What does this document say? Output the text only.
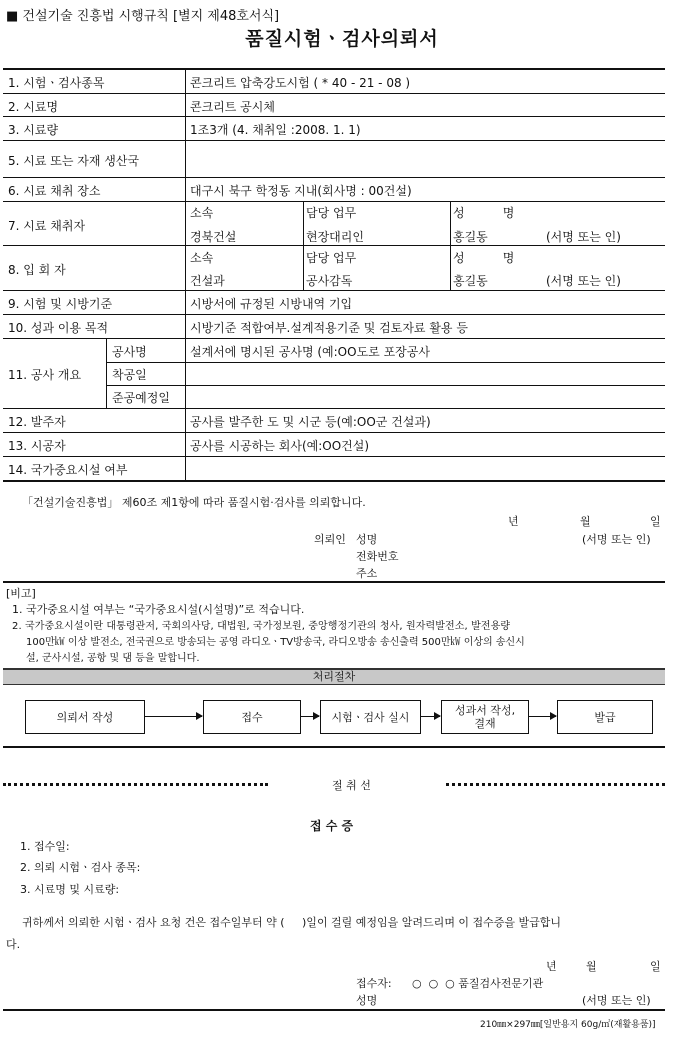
■ 건설기술 진흥법 시행규칙 [별지 제48호서식]
품질시험ㆍ검사의뢰서
1. 시험ㆍ검사종목	콘크리트 압축강도시험 ( * 40 - 21 - 08 )
2. 시료명	콘크리트 공시체
3. 시료량	1조3개 (4. 채취일 :2008. 1. 1)
5. 시료 또는 자재 생산국
6. 시료 채취 장소	대구시 북구 학정동 지내(회사명 : 00건설)
7. 시료 채취자
소속	담당 업무	성          명
경북건설	현장대리인	홍길동	(서명 또는 인)
8. 입 회 자
소속	담당 업무	성          명
건설과	공사감독	홍길동	(서명 또는 인)
9. 시험 및 시방기준	시방서에 규정된 시방내역 기입
10. 성과 이용 목적	시방기준 적합여부.설계적용기준 및 검토자료 활용 등
11. 공사 개요
공사명	설계서에 명시된 공사명 (예:OO도로 포장공사
착공일
준공예정일
12. 발주자	공사를 발주한 도 및 시군 등(예:OO군 건설과)
13. 시공자	공사를 시공하는 회사(예:OO건설)
14. 국가중요시설 여부
「건설기술진흥법」 제60조 제1항에 따라 품질시험·검사를 의뢰합니다.
년	월	일
의뢰인 성명	(서명 또는 인)
전화번호
주소
[비고]
1. 국가중요시설 여부는 “국가중요시설(시설명)”로 적습니다.
2. 국가중요시설이란 대통령관저, 국회의사당, 대법원, 국가정보원, 중앙행정기관의 청사, 원자력발전소, 발전용량
100만㎾ 이상 발전소, 전국권으로 방송되는 공영 라디오ㆍTV방송국, 라디오방송 송신출력 500만㎾ 이상의 송신시
설, 군사시설, 공항 및 댐 등을 말합니다.
처리절차
의뢰서 작성	접수	시험ㆍ검사 실시	성과서 작성,
결재	발급
절 취 선
접 수 증
1. 접수일:
2. 의뢰 시험ㆍ검사 종목:
3. 시료명 및 시료량:
귀하께서 의뢰한 시험ㆍ검사 요청 건은 접수일부터 약 (     )일이 걸릴 예정임을 알려드리며 이 접수증을 발급합니
다.
년	월	일
접수자: ○  ○  ○ 품질검사전문기관
성명	(서명 또는 인)
210㎜×297㎜[일반용지 60g/㎡(재활용품)]
